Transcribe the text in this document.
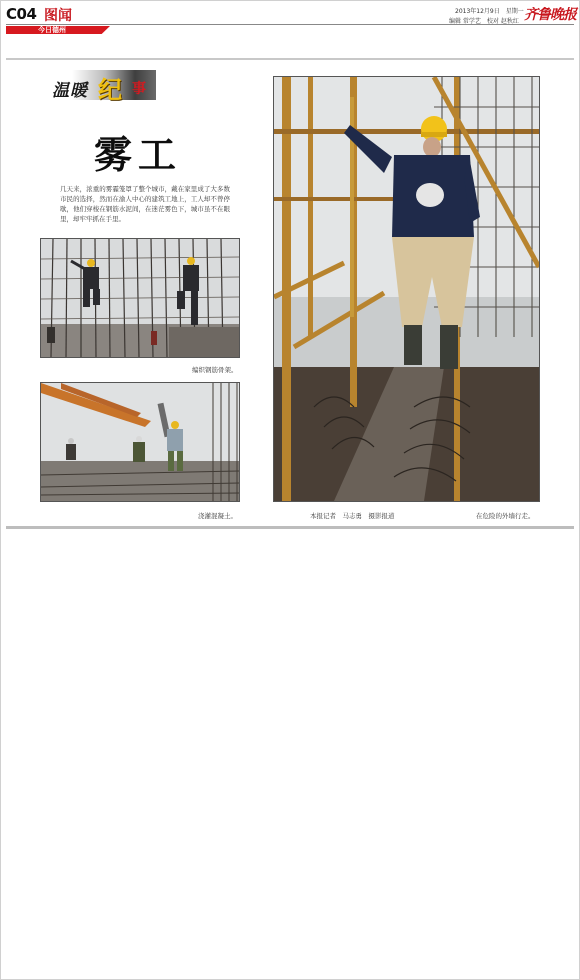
C04 图闻
今日德州
2013年12月9日　星期一
编辑 常学艺　校对 赵秋红 齐鲁晚报
温暖 纪 事
雾工
几天来，浓重的雾霾笼罩了整个城市，戴在家里成了大多数市民的选择，然而在渝人中心的建筑工地上，工人却不曾停歇，他们穿梭在钢筋水泥间，在迷茫雾色下，城市虽不在眼里，却牢牢抓在手里。
编织钢筋骨架。
浇灌混凝土。	本报记者　马志勇　摄影报道	在危险的外墙行走。
